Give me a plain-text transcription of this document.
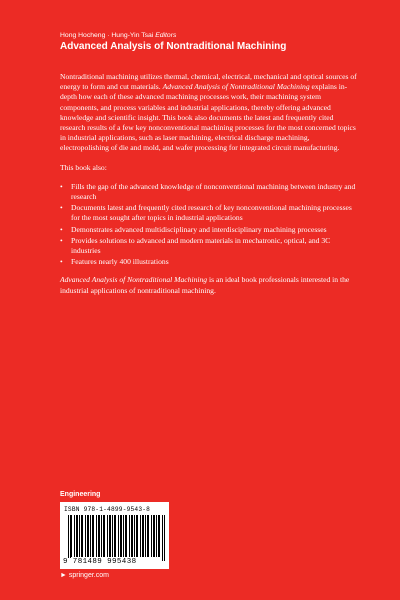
Hong Hocheng · Hung-Yin Tsai Editors
Advanced Analysis of Nontraditional Machining

Nontraditional machining utilizes thermal, chemical, electrical, mechanical and optical sources of energy to form and cut materials. Advanced Analysis of Nontraditional Machining explains in-depth how each of these advanced machining processes work, their machining system components, and process variables and industrial applications, thereby offering advanced knowledge and scientific insight. This book also documents the latest and frequently cited research results of a few key nonconventional machining processes for the most concerned topics in industrial applications, such as laser machining, electrical discharge machining, electropolishing of die and mold, and wafer processing for integrated circuit manufacturing.

This book also:

• Fills the gap of the advanced knowledge of nonconventional machining between industry and research
• Documents latest and frequently cited research of key nonconventional machining processes for the most sought after topics in industrial applications
• Demonstrates advanced multidisciplinary and interdisciplinary machining processes
• Provides solutions to advanced and modern materials in mechatronic, optical, and 3C industries
• Features nearly 400 illustrations

Advanced Analysis of Nontraditional Machining is an ideal book professionals interested in the industrial applications of nontraditional machining.

Engineering
ISBN 978-1-4899-9543-8
9 781489 995438
► springer.com
